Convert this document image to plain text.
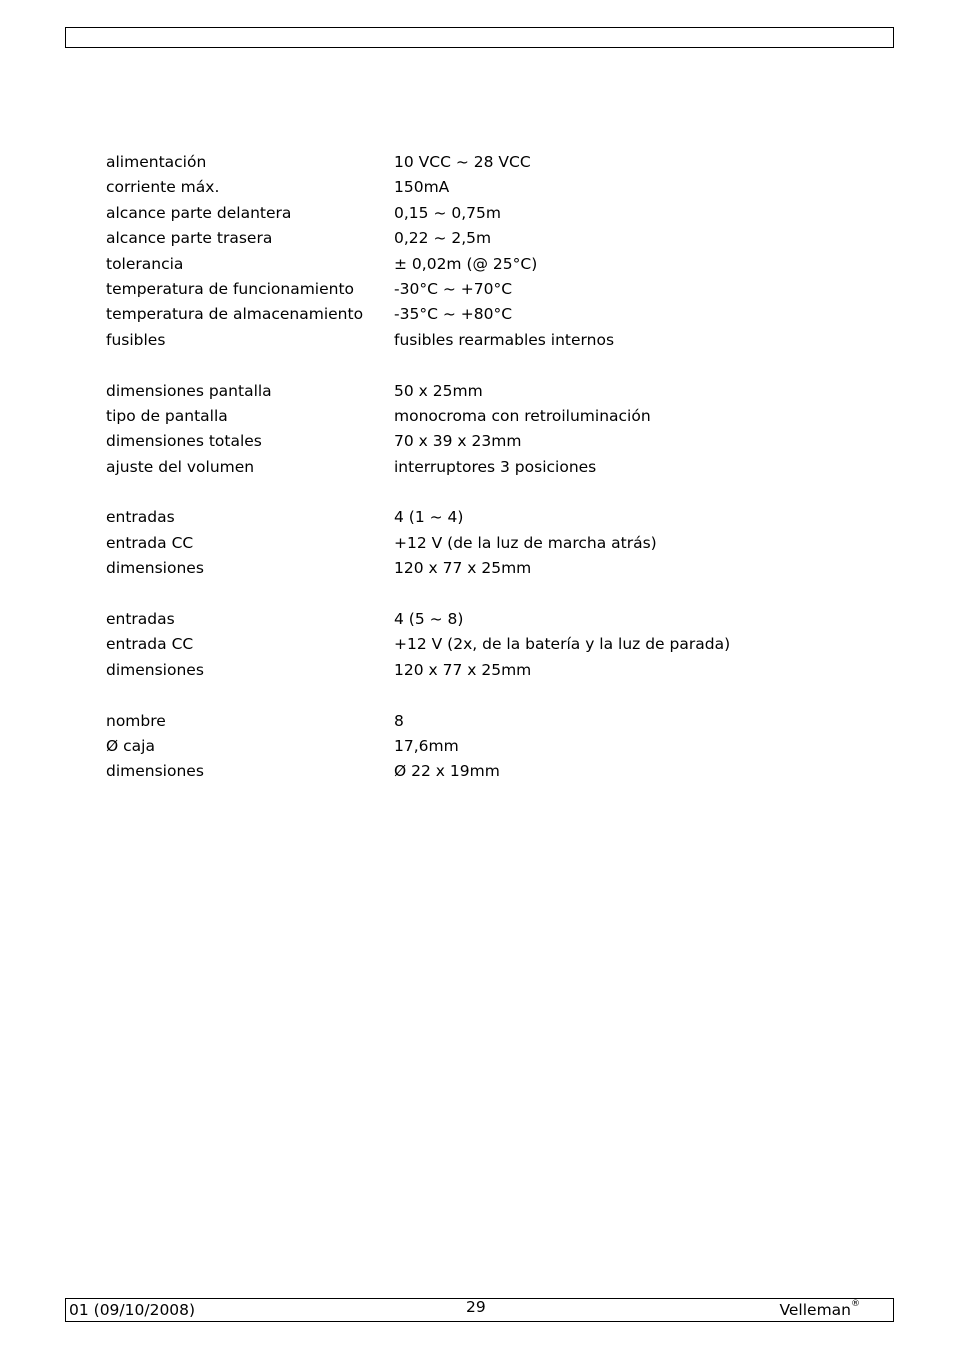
alimentación	10 VCC ~ 28 VCC
corriente máx.	150mA
alcance parte delantera	0,15 ~ 0,75m
alcance parte trasera	0,22 ~ 2,5m
tolerancia	± 0,02m (@ 25°C)
temperatura de funcionamiento	-30°C ~ +70°C
temperatura de almacenamiento	-35°C ~ +80°C
fusibles	fusibles rearmables internos
dimensiones pantalla	50 x 25mm
tipo de pantalla	monocroma con retroiluminación
dimensiones totales	70 x 39 x 23mm
ajuste del volumen	interruptores 3 posiciones
entradas	4 (1 ~ 4)
entrada CC	+12 V (de la luz de marcha atrás)
dimensiones	120 x 77 x 25mm
entradas	4 (5 ~ 8)
entrada CC	+12 V (2x, de la batería y la luz de parada)
dimensiones	120 x 77 x 25mm
nombre	8
Ø caja	17,6mm
dimensiones	Ø 22 x 19mm
01 (09/10/2008)	29	Velleman®
